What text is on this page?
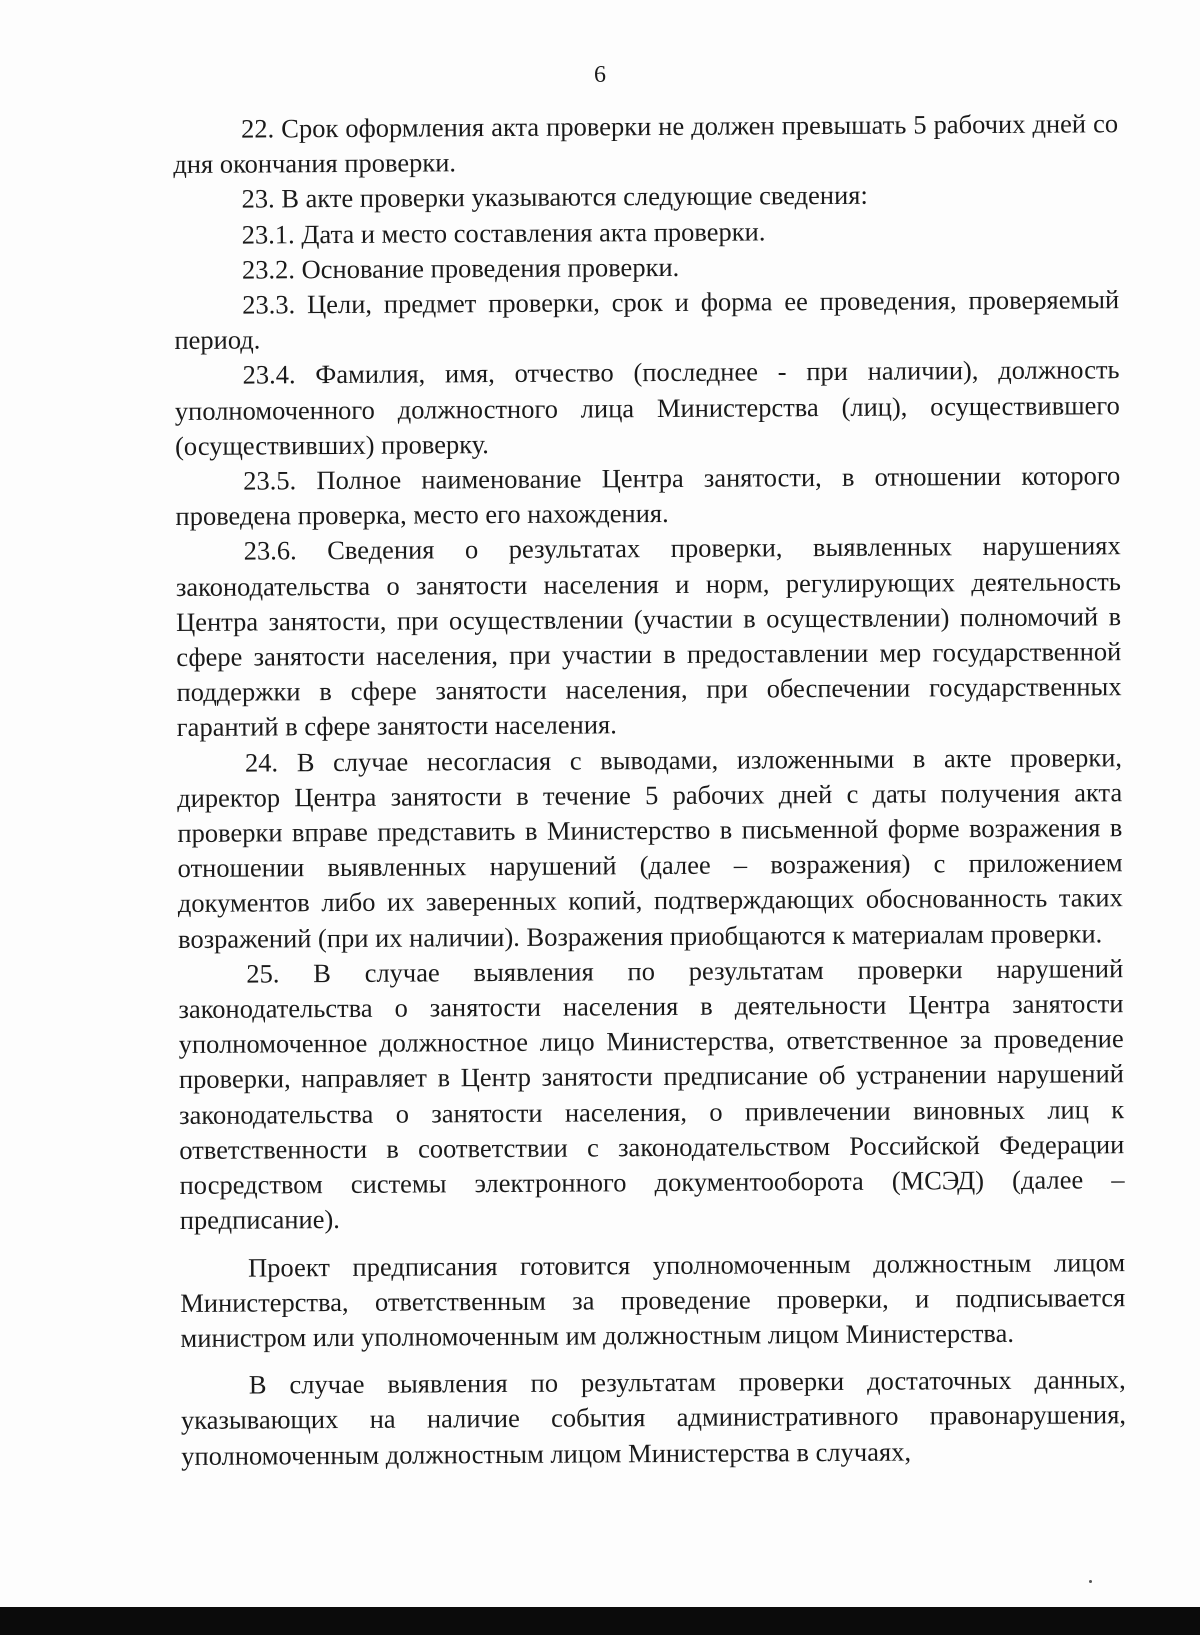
6

22. Срок оформления акта проверки не должен превышать 5 рабочих дней со дня окончания проверки.

23. В акте проверки указываются следующие сведения:

23.1. Дата и место составления акта проверки.

23.2. Основание проведения проверки.

23.3. Цели, предмет проверки, срок и форма ее проведения, проверяемый период.

23.4. Фамилия, имя, отчество (последнее - при наличии), должность уполномоченного должностного лица Министерства (лиц), осуществившего (осуществивших) проверку.

23.5. Полное наименование Центра занятости, в отношении которого проведена проверка, место его нахождения.

23.6. Сведения о результатах проверки, выявленных нарушениях законодательства о занятости населения и норм, регулирующих деятельность Центра занятости, при осуществлении (участии в осуществлении) полномочий в сфере занятости населения, при участии в предоставлении мер государственной поддержки в сфере занятости населения, при обеспечении государственных гарантий в сфере занятости населения.

24. В случае несогласия с выводами, изложенными в акте проверки, директор Центра занятости в течение 5 рабочих дней с даты получения акта проверки вправе представить в Министерство в письменной форме возражения в отношении выявленных нарушений (далее – возражения) с приложением документов либо их заверенных копий, подтверждающих обоснованность таких возражений (при их наличии). Возражения приобщаются к материалам проверки.

25. В случае выявления по результатам проверки нарушений законодательства о занятости населения в деятельности Центра занятости уполномоченное должностное лицо Министерства, ответственное за проведение проверки, направляет в Центр занятости предписание об устранении нарушений законодательства о занятости населения, о привлечении виновных лиц к ответственности в соответствии с законодательством Российской Федерации посредством системы электронного документооборота (МСЭД) (далее – предписание).

Проект предписания готовится уполномоченным должностным лицом Министерства, ответственным за проведение проверки, и подписывается министром или уполномоченным им должностным лицом Министерства.

В случае выявления по результатам проверки достаточных данных, указывающих на наличие события административного правонарушения, уполномоченным должностным лицом Министерства в случаях,
